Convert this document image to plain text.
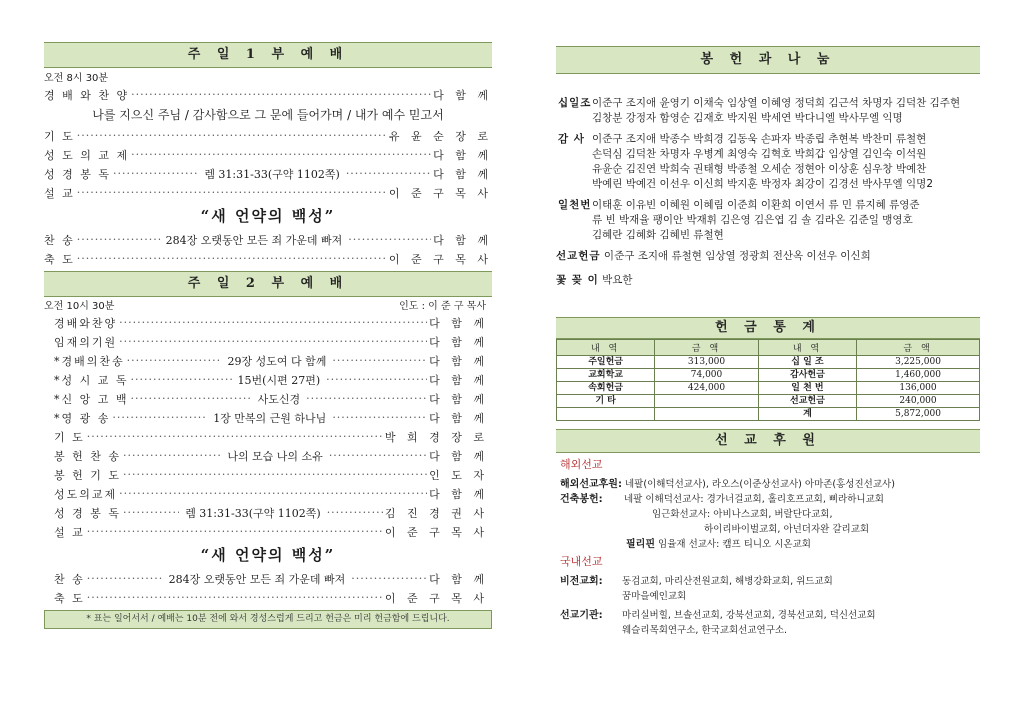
주 일 1 부 예 배
오전 8시 30분
경 배 와 찬 양 ·····	다 함 께
나를 지으신 주님 / 감사함으로 그 문에 들어가며 / 내가 예수 믿고서
기 도 ·····	유 윤 순 장 로
성 도 의 교 제 ·····	다 함 께
성 경 봉 독 ·····	렘 31:31-33(구약 1102쪽) ·····	다 함 께
설 교 ·····	이 준 구 목 사
“새 언약의 백성”
찬 송 ·····	284장 오랫동안 모든 죄 가운데 빠져 ·····	다 함 께
축 도 ·····	이 준 구 목 사
주 일 2 부 예 배
오전 10시 30분	인도 : 이 준 구 목사
경배와찬양 ·····	다 함 께
임재의기원 ·····	다 함 께
*경배의찬송 ·····	29장 성도여 다 함께 ·····	다 함 께
*성 시 교 독 ·····	15번(시편 27편) ·····	다 함 께
*신 앙 고 백 ·····	사도신경 ·····	다 함 께
*영 광 송 ·····	1장 만복의 근원 하나님 ·····	다 함 께
기 도 ·····	박 희 경 장 로
봉 헌 찬 송 ·····	나의 모습 나의 소유 ·····	다 함 께
봉 헌 기 도 ·····	인 도 자
성도의교제 ·····	다 함 께
성 경 봉 독 ·····	렘 31:31-33(구약 1102쪽) ·····	김 진 경 권 사
설 교 ·····	이 준 구 목 사
“새 언약의 백성”
찬 송 ·····	284장 오랫동안 모든 죄 가운데 빠져 ·····	다 함 께
축 도 ·····	이 준 구 목 사
* 표는 일어서서 / 예배는 10분 전에 와서 경성스럽게 드리고 헌금은 미리 헌금함에 드립니다.
봉 헌 과 나 눔
십일조 이준구 조지애 윤영기 이채숙 임상열 이혜영 정덕희 김근석 차명자 김덕찬 김주현
김창분 강정자 함영순 김재호 박지원 박세연 박다니엘 박사무엘 익명
감 사 이준구 조지애 박종수 박희경 김동욱 손파자 박종립 추현복 박찬미 류철현
손덕심 김덕찬 차명자 우병계 최영숙 김혁호 박희갑 임상열 김인숙 이석원
유윤순 김진연 박희숙 권태형 박종철 오세순 정현아 이상훈 심우창 박예찬
박예린 박예건 이선우 이신희 박지훈 박정자 최강이 김경선 박사무엘 익명2
일천번 이태훈 이유빈 이혜원 이혜림 이준희 이환희 이연서 류 민 류지혜 류영준
류 빈 박재율 팽이안 박재휘 김은영 김은엽 김 솔 김라온 김준일 맹영호
김혜란 김혜화 김혜빈 류철현
선교헌금 이준구 조지애 류철현 임상열 정광희 전산옥 이선우 이신희
꽃 꽂 이 박요한
헌 금 통 계
내 역	금 액	내 역	금 액
주일헌금	313,000	십 일 조	3,225,000
교회학교	74,000	감사헌금	1,460,000
속회헌금	424,000	일 천 번	136,000
기 타		선교헌금	240,000
		계	5,872,000
선 교 후 원
해외선교
해외선교후원: 네팔(이해덕선교사), 라오스(이준상선교사) 아마존(홍성진선교사)
건축봉헌:	네팔 이해덕선교사: 경가너걸교회, 홀리호프교회, 삐라하니교회
임근화선교사: 아비나스교회, 버랄단다교회,
하이리바이벌교회, 아넌더자완 갈리교회
필리핀 임율재 선교사: 캠프 티니오 시온교회
국내선교
비전교회:	동검교회, 마리산전원교회, 해병강화교회, 위드교회
꿈마을예인교회
선교기관:	마리실버힐, 브솔선교회, 강북선교회, 경북선교회, 덕신선교회
웨슬리목회연구소, 한국교회선교연구소.
